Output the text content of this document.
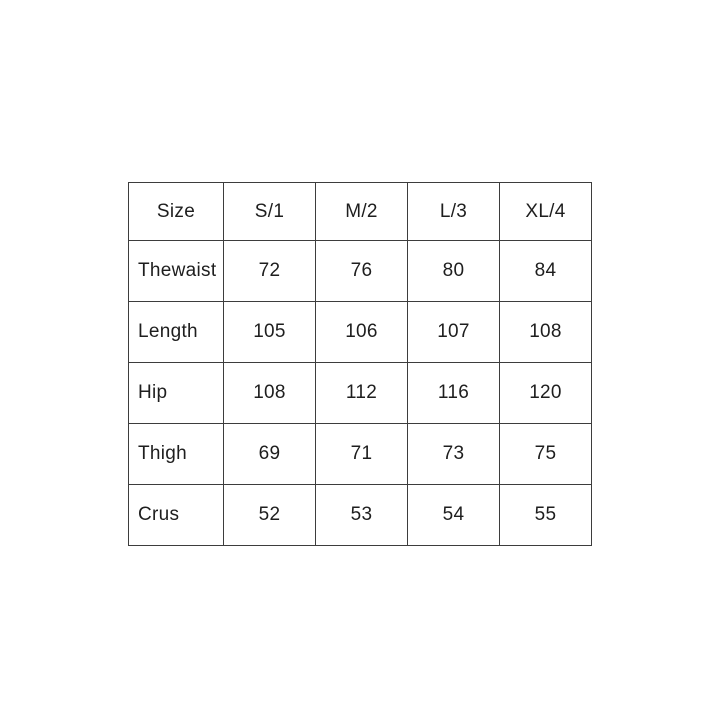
Size	S/1	M/2	L/3	XL/4
Thewaist	72	76	80	84
Length	105	106	107	108
Hip	108	112	116	120
Thigh	69	71	73	75
Crus	52	53	54	55
